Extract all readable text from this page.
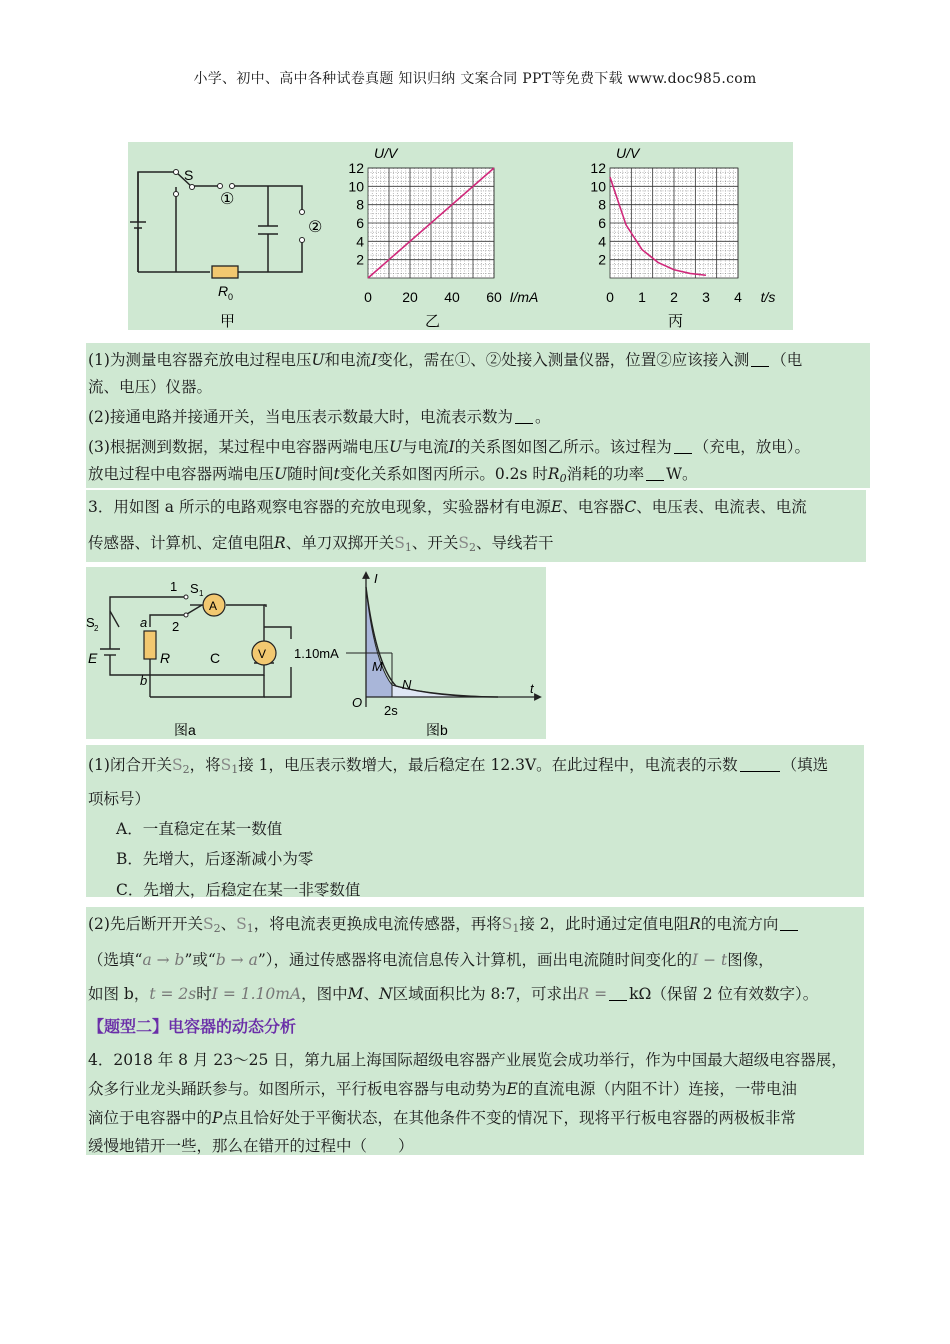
小学、初中、高中各种试卷真题 知识归纳 文案合同 PPT等免费下载 www.doc985.com
S
①
②
R 0
甲
2
4
6
8
10
12
0 20 40 60
U/V
I/mA
乙
2
4
6
8
10
12
0 1 2 3 4
U/V
t/s
丙
(1)为测量电容器充放电过程电压U和电流I变化，需在①、②处接入测量仪器，位置②应该接入测 （电
流、电压）仪器。
(2)接通电路并接通开关，当电压表示数最大时，电流表示数为 。
(3)根据测到数据，某过程中电容器两端电压U与电流I的关系图如图乙所示。该过程为 （充电，放电）。
放电过程中电容器两端电压U随时间t变化关系如图丙所示。0.2s 时$R_0$消耗的功率 W。
3．用如图 a 所示的电路观察电容器的充放电现象，实验器材有电源E、电容器C、电压表、电流表、电流
传感器、计算机、定值电阻R、单刀双掷开关$S_1$、开关$S_2$、导线若干
1
2
S 1
S 2	a
b
E	R	C
A
V
图a
I
t
O
1.10mA
2s
M
N
图b
(1)闭合开关$S_2$，将$S_1$接 1，电压表示数增大，最后稳定在 12.3V。在此过程中，电流表的示数	（填选
项标号）
A．一直稳定在某一数值
B．先增大，后逐渐减小为零
C．先增大，后稳定在某一非零数值
(2)先后断开开关$S_2$、$S_1$，将电流表更换成电流传感器，再将$S_1$接 2，此时通过定值电阻R的电流方向
（选填“a → b”或“b → a”），通过传感器将电流信息传入计算机，画出电流随时间变化的I − t图像，
如图 b，t = 2s时I = 1.10mA，图中M、N区域面积比为 8:7，可求出R = kΩ（保留 2 位有效数字）。
【题型二】电容器的动态分析
4．2018 年 8 月 23～25 日，第九届上海国际超级电容器产业展览会成功举行，作为中国最大超级电容器展，
众多行业龙头踊跃参与。如图所示，平行板电容器与电动势为E的直流电源（内阻不计）连接，一带电油
滴位于电容器中的P点且恰好处于平衡状态，在其他条件不变的情况下，现将平行板电容器的两极板非常
缓慢地错开一些，那么在错开的过程中（　　）
